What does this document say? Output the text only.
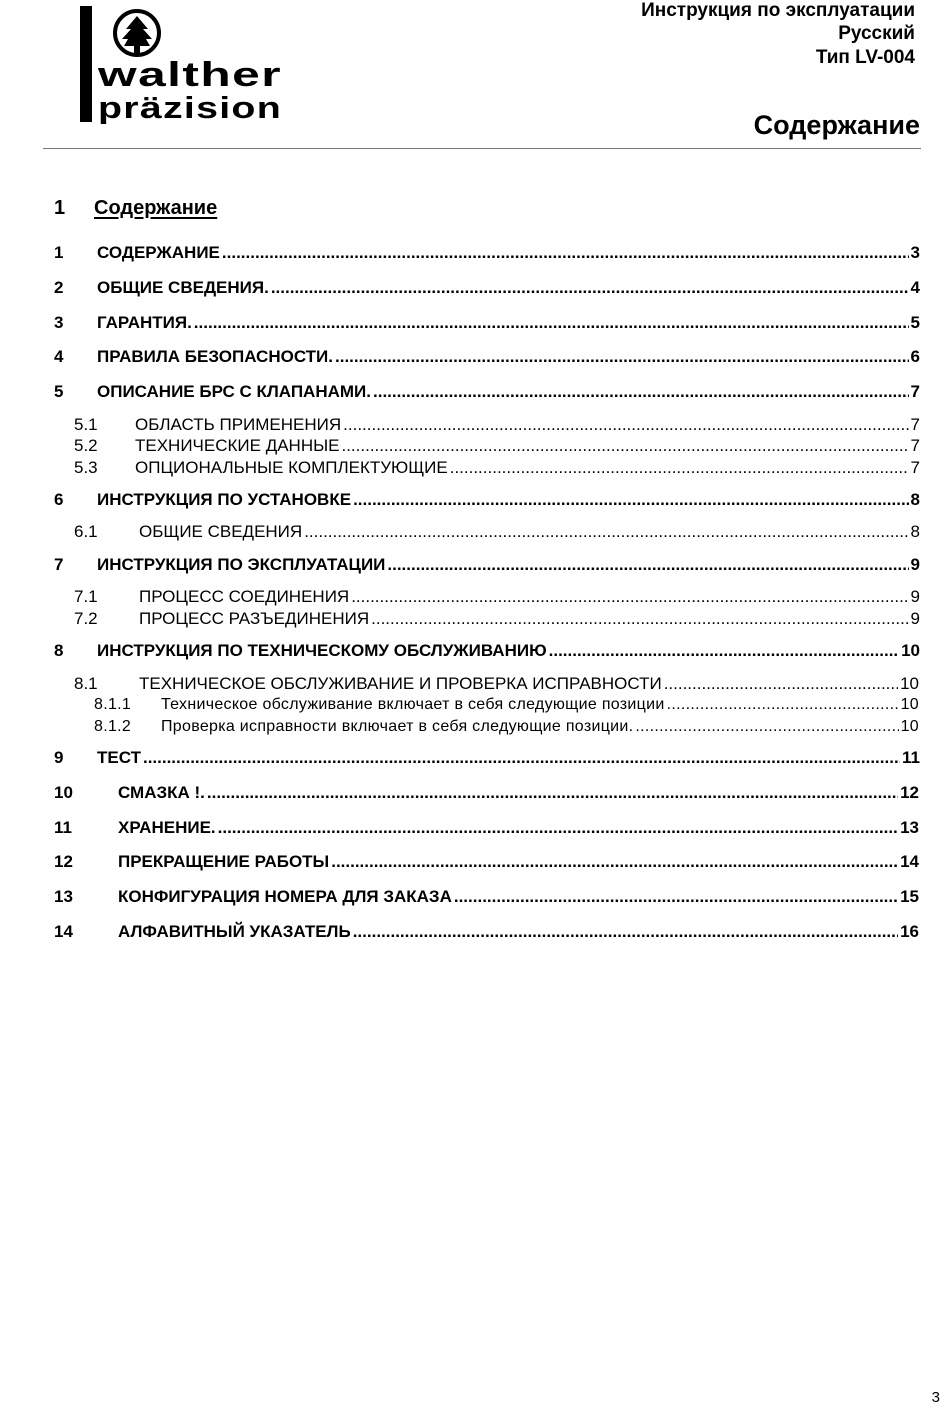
walther
präzision
Инструкция по эксплуатации
Русский
Тип LV-004
Содержание
1 Содержание
1 СОДЕРЖАНИЕ .....	3
2 ОБЩИЕ СВЕДЕНИЯ. .....	4
3 ГАРАНТИЯ. .....	5
4 ПРАВИЛА БЕЗОПАСНОСТИ. .....	6
5 ОПИСАНИЕ БРС С КЛАПАНАМИ. .....	7
5.1 ОБЛАСТЬ ПРИМЕНЕНИЯ .....	7
5.2 ТЕХНИЧЕСКИЕ ДАННЫЕ .....	7
5.3 ОПЦИОНАЛЬНЫЕ КОМПЛЕКТУЮЩИЕ .....	7
6 ИНСТРУКЦИЯ ПО УСТАНОВКЕ .....	8
6.1 ОБЩИЕ СВЕДЕНИЯ .....	8
7 ИНСТРУКЦИЯ ПО ЭКСПЛУАТАЦИИ .....	9
7.1 ПРОЦЕСС СОЕДИНЕНИЯ .....	9
7.2 ПРОЦЕСС РАЗЪЕДИНЕНИЯ .....	9
8 ИНСТРУКЦИЯ ПО ТЕХНИЧЕСКОМУ ОБСЛУЖИВАНИЮ .....	10
8.1 ТЕХНИЧЕСКОЕ ОБСЛУЖИВАНИЕ И ПРОВЕРКА ИСПРАВНОСТИ .....	10
8.1.1 Техническое обслуживание включает в себя следующие позиции .....	10
8.1.2 Проверка исправности включает в себя следующие позиции. .....	10
9 ТЕСТ .....	11
10	СМАЗКА !. .....	12
11	ХРАНЕНИЕ. .....	13
12	ПРЕКРАЩЕНИЕ РАБОТЫ .....	14
13	КОНФИГУРАЦИЯ НОМЕРА ДЛЯ ЗАКАЗА .....	15
14	АЛФАВИТНЫЙ УКАЗАТЕЛЬ .....	16
3
